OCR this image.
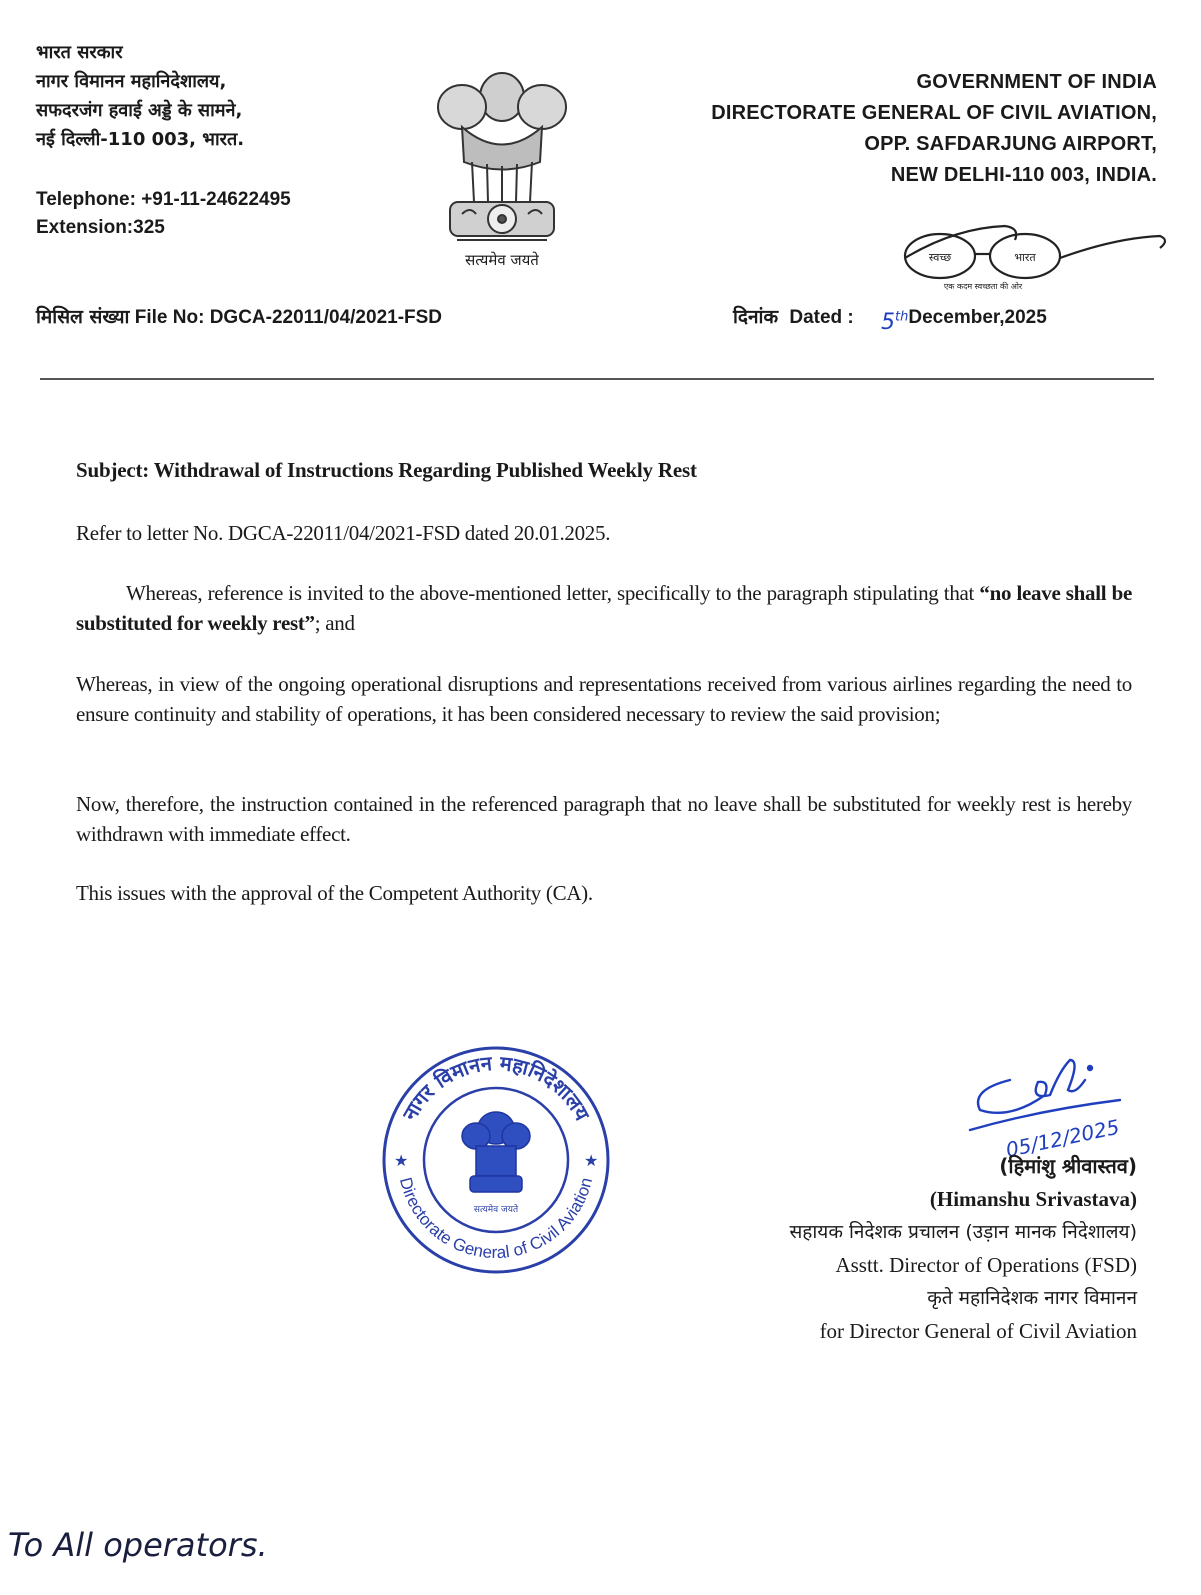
भारत सरकार
नागर विमानन महानिदेशालय,
सफदरजंग हवाई अड्डे के सामने,
नई दिल्ली-110 003, भारत.
Telephone: +91-11-24622495
Extension:325
सत्यमेव जयते
GOVERNMENT OF INDIA
DIRECTORATE GENERAL OF CIVIL AVIATION,
OPP. SAFDARJUNG AIRPORT,
NEW DELHI-110 003, INDIA.
स्वच्छ	भारत
एक कदम स्वच्छता की ओर
मिसिल संख्या File No: DGCA-22011/04/2021-FSD	दिनांक Dated : 5thDecember,2025
Subject: Withdrawal of Instructions Regarding Published Weekly Rest
Refer to letter No. DGCA-22011/04/2021-FSD dated 20.01.2025.
Whereas, reference is invited to the above-mentioned letter, specifically to the paragraph stipulating that “no leave shall be substituted for weekly rest”; and
Whereas, in view of the ongoing operational disruptions and representations received from various airlines regarding the need to ensure continuity and stability of operations, it has been considered necessary to review the said provision;
Now, therefore, the instruction contained in the referenced paragraph that no leave shall be substituted for weekly rest is hereby withdrawn with immediate effect.
This issues with the approval of the Competent Authority (CA).
नागर विमानन महानिदेशालय
Directorate General of Civil Aviation
★	★
सत्यमेव जयते
05/12/2025
(हिमांशु श्रीवास्तव)
(Himanshu Srivastava)
सहायक निदेशक प्रचालन (उड़ान मानक निदेशालय)
Asstt. Director of Operations (FSD)
कृते महानिदेशक नागर विमानन
for Director General of Civil Aviation
To All operators.
